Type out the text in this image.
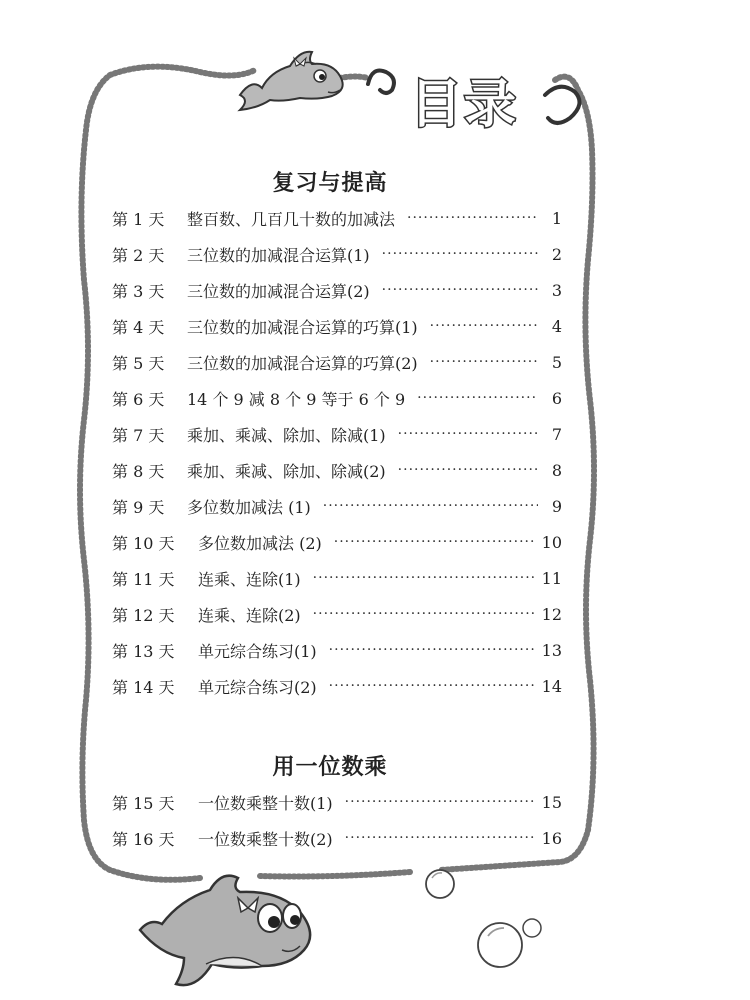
目录
复习与提高
第 1 天	整百数、几百几十数的加减法 ·····	1
第 2 天	三位数的加减混合运算(1) ·····	2
第 3 天	三位数的加减混合运算(2) ·····	3
第 4 天	三位数的加减混合运算的巧算(1) ·····	4
第 5 天	三位数的加减混合运算的巧算(2) ·····	5
第 6 天	14 个 9 减 8 个 9 等于 6 个 9 ·····	6
第 7 天	乘加、乘减、除加、除减(1) ·····	7
第 8 天	乘加、乘减、除加、除减(2) ·····	8
第 9 天	多位数加减法 (1) ·····	9
第 10 天	多位数加减法 (2) ·····	10
第 11 天	连乘、连除(1) ·····	11
第 12 天	连乘、连除(2) ·····	12
第 13 天	单元综合练习(1) ·····	13
第 14 天	单元综合练习(2) ·····	14
用一位数乘
第 15 天	一位数乘整十数(1) ·····	15
第 16 天	一位数乘整十数(2) ·····	16
